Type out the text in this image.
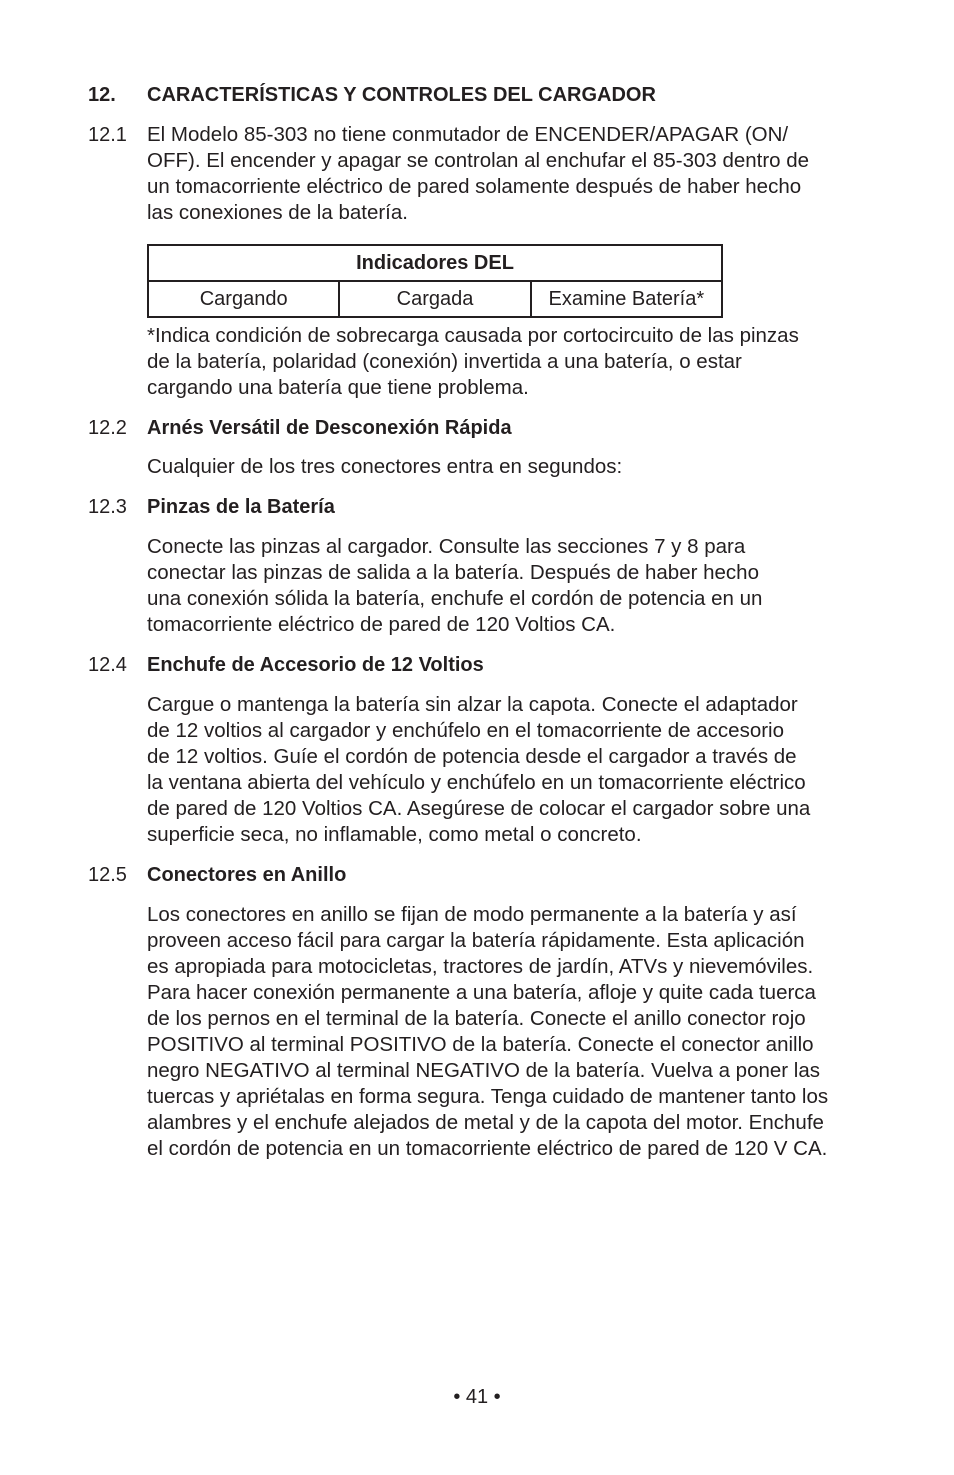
12. CARACTERÍSTICAS Y CONTROLES DEL CARGADOR
12.1 El Modelo 85-303 no tiene conmutador de ENCENDER/APAGAR (ON/
OFF). El encender y apagar se controlan al enchufar el 85-303 dentro de
un tomacorriente eléctrico de pared solamente después de haber hecho
las conexiones de la batería.
Indicadores DEL
Cargando	Cargada	Examine Batería*
*Indica condición de sobrecarga causada por cortocircuito de las pinzas
de la batería, polaridad (conexión) invertida a una batería, o estar
cargando una batería que tiene problema.
12.2 Arnés Versátil de Desconexión Rápida
Cualquier de los tres conectores entra en segundos:
12.3 Pinzas de la Batería
Conecte las pinzas al cargador. Consulte las secciones 7 y 8 para
conectar las pinzas de salida a la batería. Después de haber hecho
una conexión sólida la batería, enchufe el cordón de potencia en un
tomacorriente eléctrico de pared de 120 Voltios CA.
12.4 Enchufe de Accesorio de 12 Voltios
Cargue o mantenga la batería sin alzar la capota. Conecte el adaptador
de 12 voltios al cargador y enchúfelo en el tomacorriente de accesorio
de 12 voltios. Guíe el cordón de potencia desde el cargador a través de
la ventana abierta del vehículo y enchúfelo en un tomacorriente eléctrico
de pared de 120 Voltios CA. Asegúrese de colocar el cargador sobre una
superficie seca, no inflamable, como metal o concreto.
12.5 Conectores en Anillo
Los conectores en anillo se fijan de modo permanente a la batería y así
proveen acceso fácil para cargar la batería rápidamente. Esta aplicación
es apropiada para motocicletas, tractores de jardín, ATVs y nievemóviles.
Para hacer conexión permanente a una batería, afloje y quite cada tuerca
de los pernos en el terminal de la batería. Conecte el anillo conector rojo
POSITIVO al terminal POSITIVO de la batería. Conecte el conector anillo
negro NEGATIVO al terminal NEGATIVO de la batería. Vuelva a poner las
tuercas y apriétalas en forma segura. Tenga cuidado de mantener tanto los
alambres y el enchufe alejados de metal y de la capota del motor. Enchufe
el cordón de potencia en un tomacorriente eléctrico de pared de 120 V CA.
• 41 •
